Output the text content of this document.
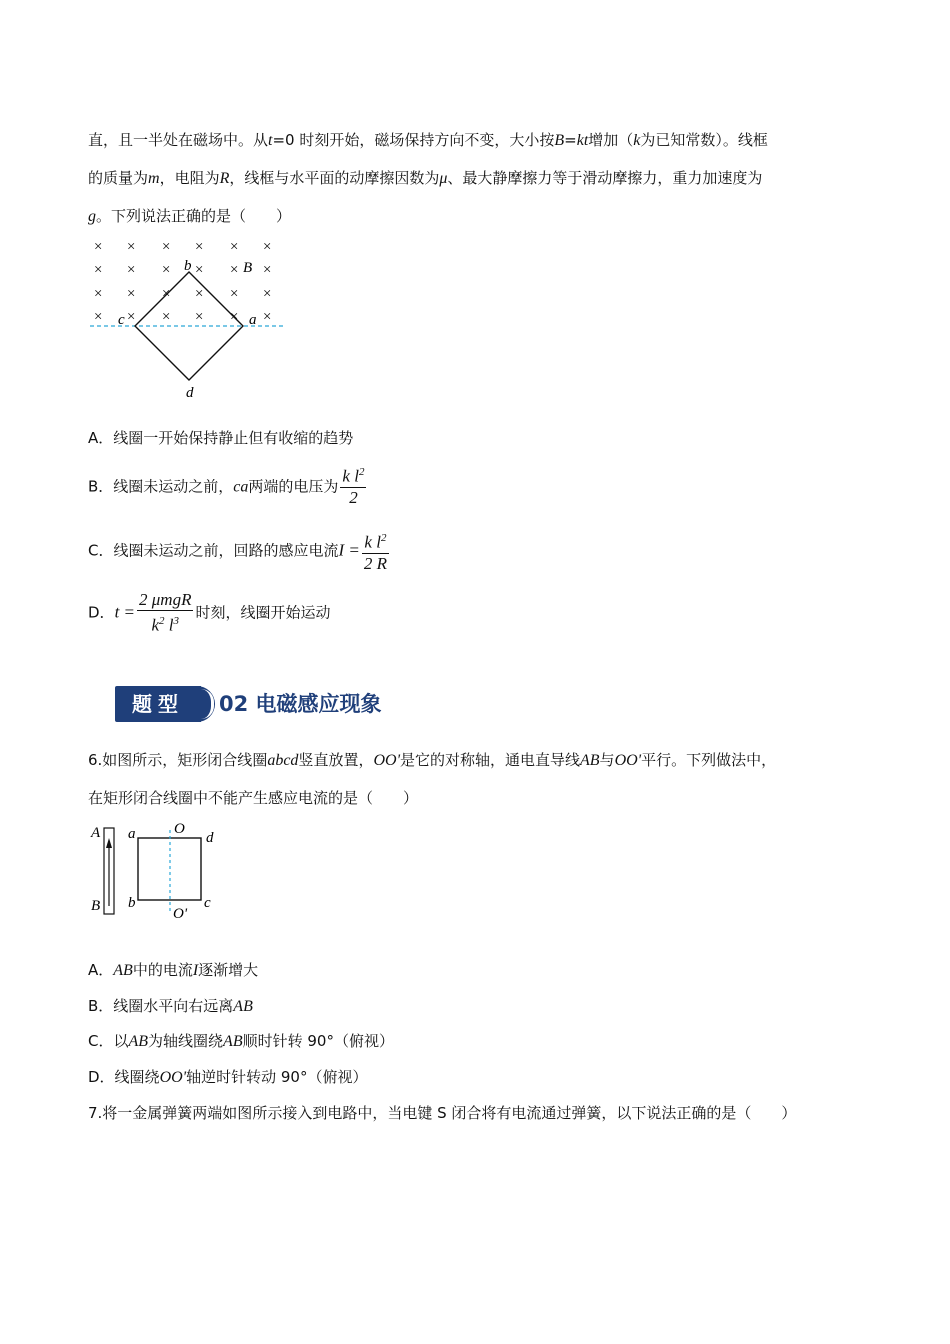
直，且一半处在磁场中。从t=0 时刻开始，磁场保持方向不变，大小按B=kt增加（k为已知常数）。线框
的质量为m，电阻为R，线框与水平面的动摩擦因数为μ、最大静摩擦力等于滑动摩擦力，重力加速度为
g。下列说法正确的是（　　）
× × × × × ×
× × × × × ×
× × × × × ×
× × × × × ×
b	B
c	a
d
A．线圈一开始保持静止但有收缩的趋势
B．线圈未运动之前，ca两端的电压为 $\frac{k l^2}{2}$
C．线圈未运动之前，回路的感应电流$I = \frac{k l^2}{2 R}$
D．$t = \frac{\text{2 μmgR}}{k^2 l^3}$ 时刻，线圈开始运动
题型	02 电磁感应现象
6.如图所示，矩形闭合线圈abcd竖直放置，OO'是它的对称轴，通电直导线AB与OO'平行。下列做法中，
在矩形闭合线圈中不能产生感应电流的是（　　）
A
B
a
b	c
d
O
O'
A．AB中的电流I逐渐增大
B．线圈水平向右远离AB
C．以AB为轴线圈绕AB顺时针转 90°（俯视）
D．线圈绕OO'轴逆时针转动 90°（俯视）
7.将一金属弹簧两端如图所示接入到电路中，当电键 S 闭合将有电流通过弹簧，以下说法正确的是（　　）
